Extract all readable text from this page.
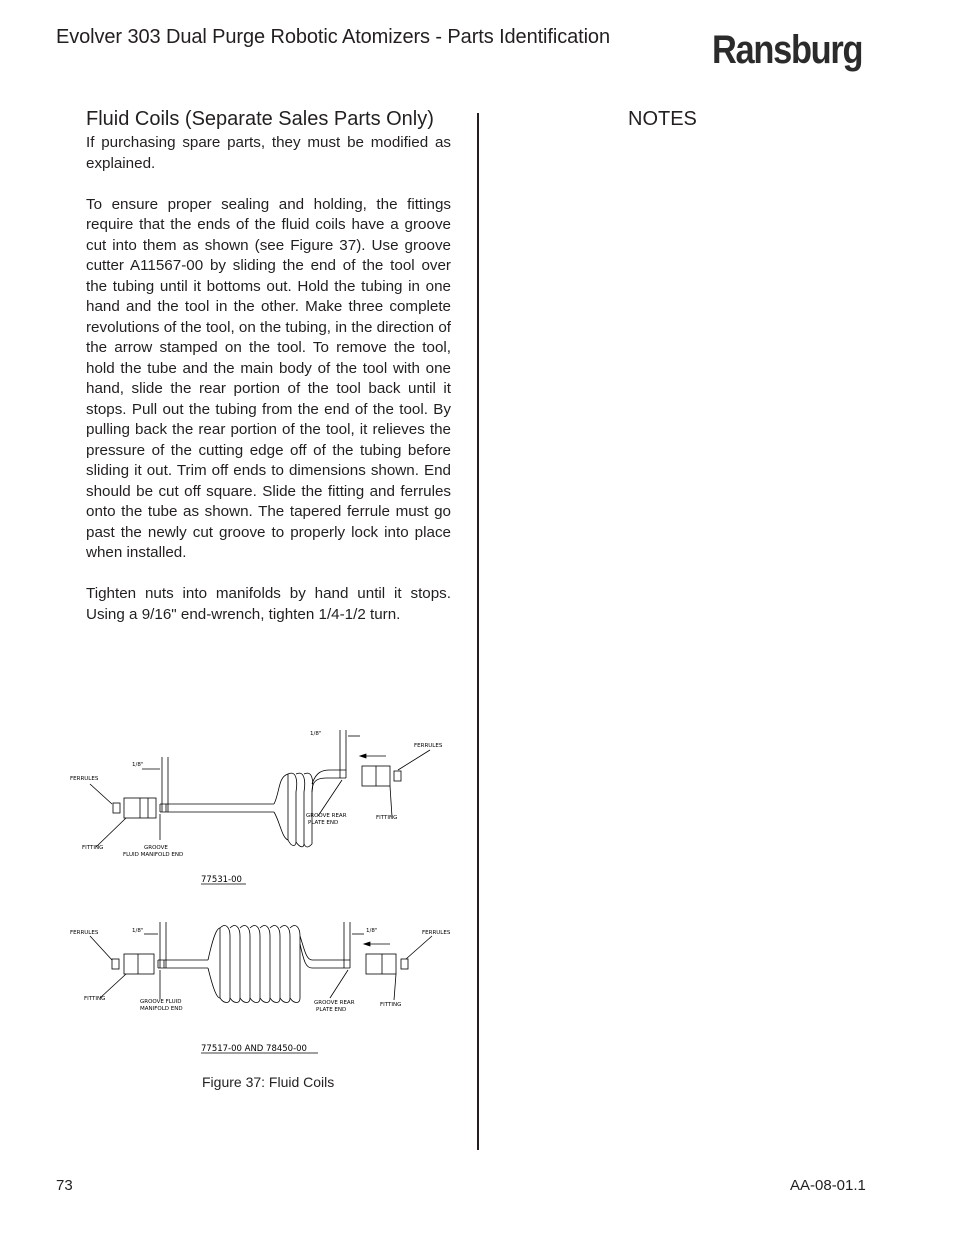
Evolver 303 Dual Purge Robotic Atomizers - Parts Identification	Ransburg
Fluid Coils (Separate Sales Parts Only)

If purchasing spare parts, they must be modified as explained.

To ensure proper sealing and holding, the fittings require that the ends of the fluid coils have a groove cut into them as shown (see Figure 37). Use groove cutter A11567-00 by sliding the end of the tool over the tubing until it bottoms out. Hold the tubing in one hand and the tool in the other. Make three complete revolutions of the tool, on the tubing, in the direction of the arrow stamped on the tool. To remove the tool, hold the tube and the main body of the tool with one hand, slide the rear portion of the tool back until it stops. Pull out the tubing from the end of the tool. By pulling back the rear portion of the tool, it relieves the pressure of the cutting edge off of the tubing before sliding it out. Trim off ends to dimensions shown. End should be cut off square. Slide the fitting and ferrules onto the tube as shown. The tapered ferrule must go past the newly cut groove to properly lock into place when installed.

Tighten nuts into manifolds by hand until it stops. Using a 9/16" end-wrench, tighten 1/4-1/2 turn.

NOTES
FERRULES
FITTING	GROOVE
FLUID MANIFOLD END
1/8"
1/8"
GROOVE REAR
PLATE END
FITTING
FERRULES
77531-00
FERRULES
FITTING	GROOVE FLUID
MANIFOLD END
1/8"	1/8"
GROOVE REAR
PLATE END
FITTING
FERRULES
77517-00 AND 78450-00
Figure 37: Fluid Coils
73	AA-08-01.1
